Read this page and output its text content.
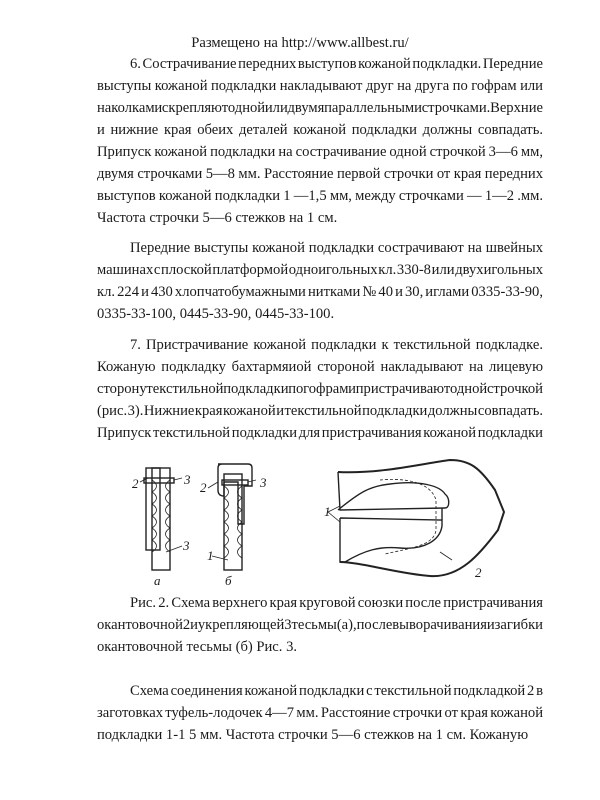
Размещено на http://www.allbest.ru/
6. Сострачивание передних выступов кожаной подкладки. Передние
выступы кожаной подкладки накладывают друг на друга по гофрам или
наколкам и скрепляют одной или двумя параллельными строчками. Верхние
и нижние края обеих деталей кожаной подкладки должны совпадать.
Припуск кожаной подкладки на сострачивание одной строчкой 3—6 мм,
двумя строчками 5—8 мм. Расстояние первой строчки от края передних
выступов кожаной подкладки 1 —1,5 мм, между строчками — 1—2 .мм.
Частота строчки 5—6 стежков на 1 см.
Передние выступы кожаной подкладки сострачивают на швейных
машинах с плоской платформой одноигольных кл. 330-8 или двухигольных
кл. 224 и 430 хлопчатобумажными нитками № 40 и 30, иглами 0335-33-90,
0335-33-100, 0445-33-90, 0445-33-100.
7. Пристрачивание кожаной подкладки к текстильной подкладке.
Кожаную подкладку бахтармяиой стороной накладывают на лицевую
сторону текстильной подкладки по гофрам и пристрачивают одной строчкой
(рис. 3). Нижние края кожаной и текстильной подкладки должны совпадать.
Припуск текстильной подкладки для пристрачивания кожаной подкладки
Рис. 2. Схема верхнего края круговой союзки после пристрачивания
окантовочной 2 и укрепляющей 3 тесьмы (а), после выворачивания и загибки
окантовочной тесьмы (б) Рис. 3.
Схема соединения кожаной подкладки с текстильной подкладкой 2 в
заготовках туфель-лодочек 4—7 мм. Расстояние строчки от края кожаной
подкладки 1-1 5 мм. Частота строчки 5—6 стежков на 1 см. Кожаную
2	3
3
а
2	3
1
б
1
2
